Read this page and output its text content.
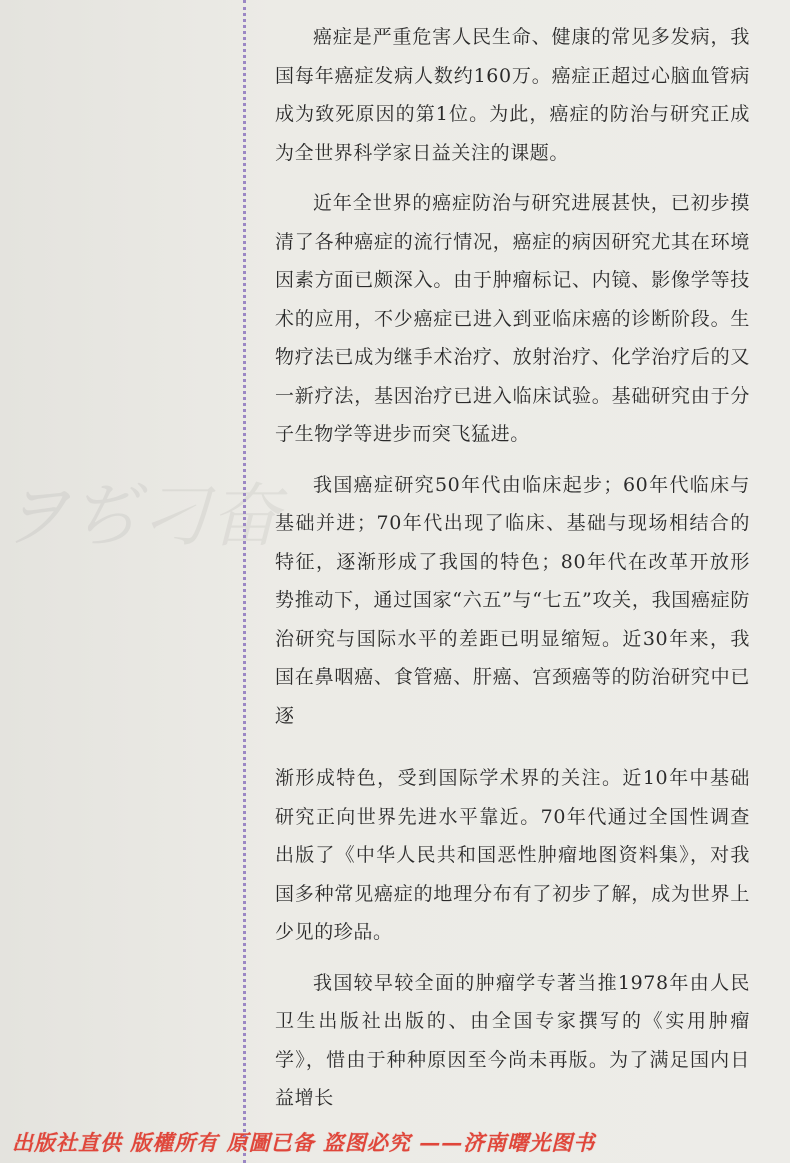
ヲぢ刁奋

癌症是严重危害人民生命、健康的常见多发病，我国每年癌症发病人数约160万。癌症正超过心脑血管病成为致死原因的第1位。为此，癌症的防治与研究正成为全世界科学家日益关注的课题。

近年全世界的癌症防治与研究进展甚快，已初步摸清了各种癌症的流行情况，癌症的病因研究尤其在环境因素方面已颇深入。由于肿瘤标记、内镜、影像学等技术的应用，不少癌症已进入到亚临床癌的诊断阶段。生物疗法已成为继手术治疗、放射治疗、化学治疗后的又一新疗法，基因治疗已进入临床试验。基础研究由于分子生物学等进步而突飞猛进。

我国癌症研究50年代由临床起步；60年代临床与基础并进；70年代出现了临床、基础与现场相结合的特征，逐渐形成了我国的特色；80年代在改革开放形势推动下，通过国家“六五”与“七五”攻关，我国癌症防治研究与国际水平的差距已明显缩短。近30年来，我国在鼻咽癌、食管癌、肝癌、宫颈癌等的防治研究中已逐

渐形成特色，受到国际学术界的关注。近10年中基础研究正向世界先进水平靠近。70年代通过全国性调查出版了《中华人民共和国恶性肿瘤地图资料集》，对我国多种常见癌症的地理分布有了初步了解，成为世界上少见的珍品。

我国较早较全面的肿瘤学专著当推1978年由人民卫生出版社出版的、由全国专家撰写的《实用肿瘤学》，惜由于种种原因至今尚未再版。为了满足国内日益增长

出版社直供 版權所有 原圖已备 盗图必究 ——济南曙光图书
